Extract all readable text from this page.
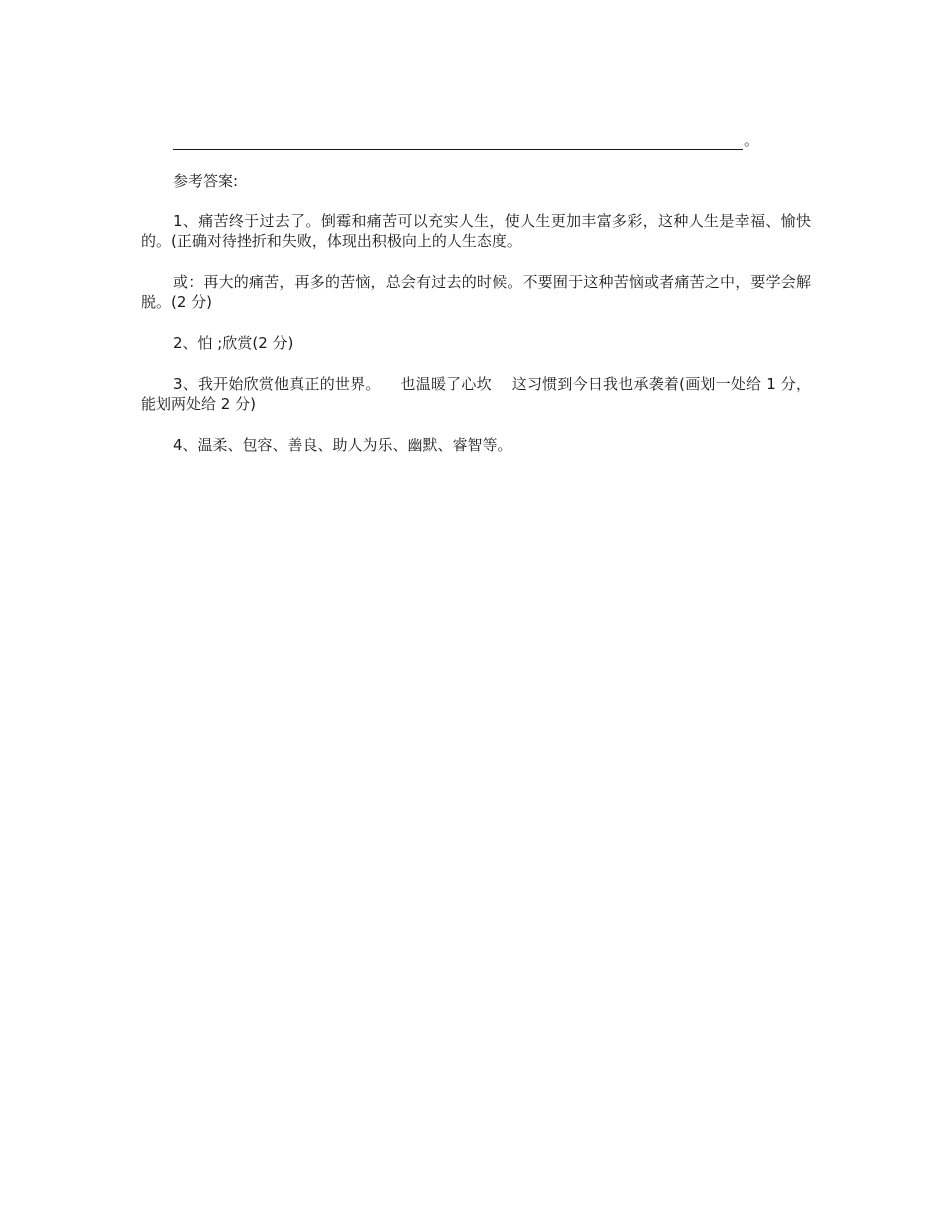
。

参考答案:

1、痛苦终于过去了。倒霉和痛苦可以充实人生，使人生更加丰富多彩，这种人生是幸福、愉快的。(正确对待挫折和失败，体现出积极向上的人生态度。

或：再大的痛苦，再多的苦恼，总会有过去的时候。不要囿于这种苦恼或者痛苦之中，要学会解脱。(2 分)

2、怕 ;欣赏(2 分)

3、我开始欣赏他真正的世界。    也温暖了心坎    这习惯到今日我也承袭着(画划一处给 1 分，能划两处给 2 分)

4、温柔、包容、善良、助人为乐、幽默、睿智等。
